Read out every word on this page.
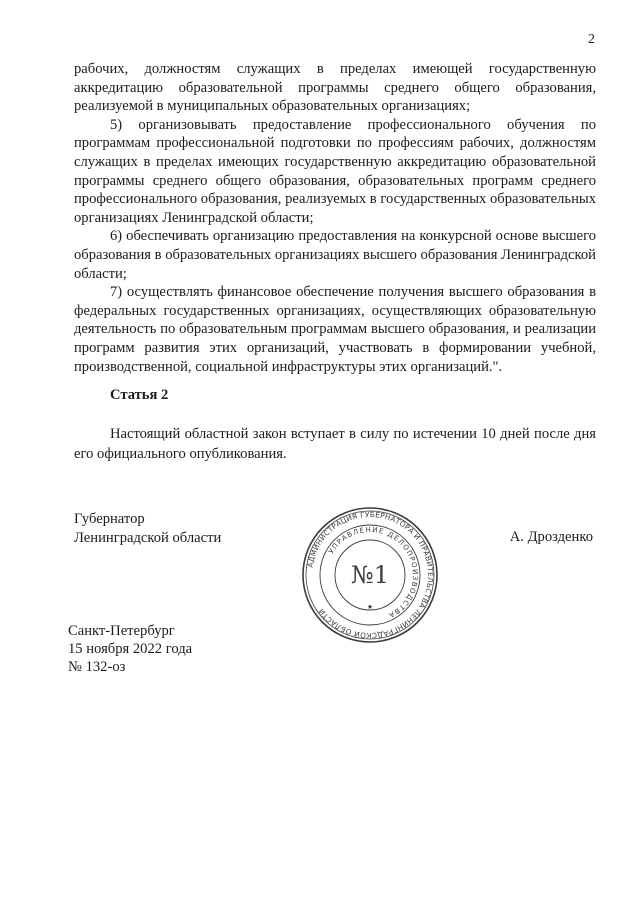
2

рабочих, должностям служащих в пределах имеющей государственную аккредитацию образовательной программы среднего общего образования, реализуемой в муниципальных образовательных организациях;

5) организовывать предоставление профессионального обучения по программам профессиональной подготовки по профессиям рабочих, должностям служащих в пределах имеющих государственную аккредитацию образовательной программы среднего общего образования, образовательных программ среднего профессионального образования, реализуемых в государственных образовательных организациях Ленинградской области;

6) обеспечивать организацию предоставления на конкурсной основе высшего образования в образовательных организациях высшего образования Ленинградской области;

7) осуществлять финансовое обеспечение получения высшего образования в федеральных государственных организациях, осуществляющих образовательную деятельность по образовательным программам высшего образования, и реализации программ развития этих организаций, участвовать в формировании учебной, производственной, социальной инфраструктуры этих организаций.".

Статья 2

Настоящий областной закон вступает в силу по истечении 10 дней после дня его официального опубликования.

Губернатор
Ленинградской области
АДМИНИСТРАЦИЯ ГУБЕРНАТОРА И ПРАВИТЕЛЬСТВА ЛЕНИНГРАДСКОЙ ОБЛАСТИ
УПРАВЛЕНИЕ ДЕЛОПРОИЗВОДСТВА
№1
★
А. Дрозденко
Санкт-Петербург
15 ноября 2022 года
№ 132-оз
